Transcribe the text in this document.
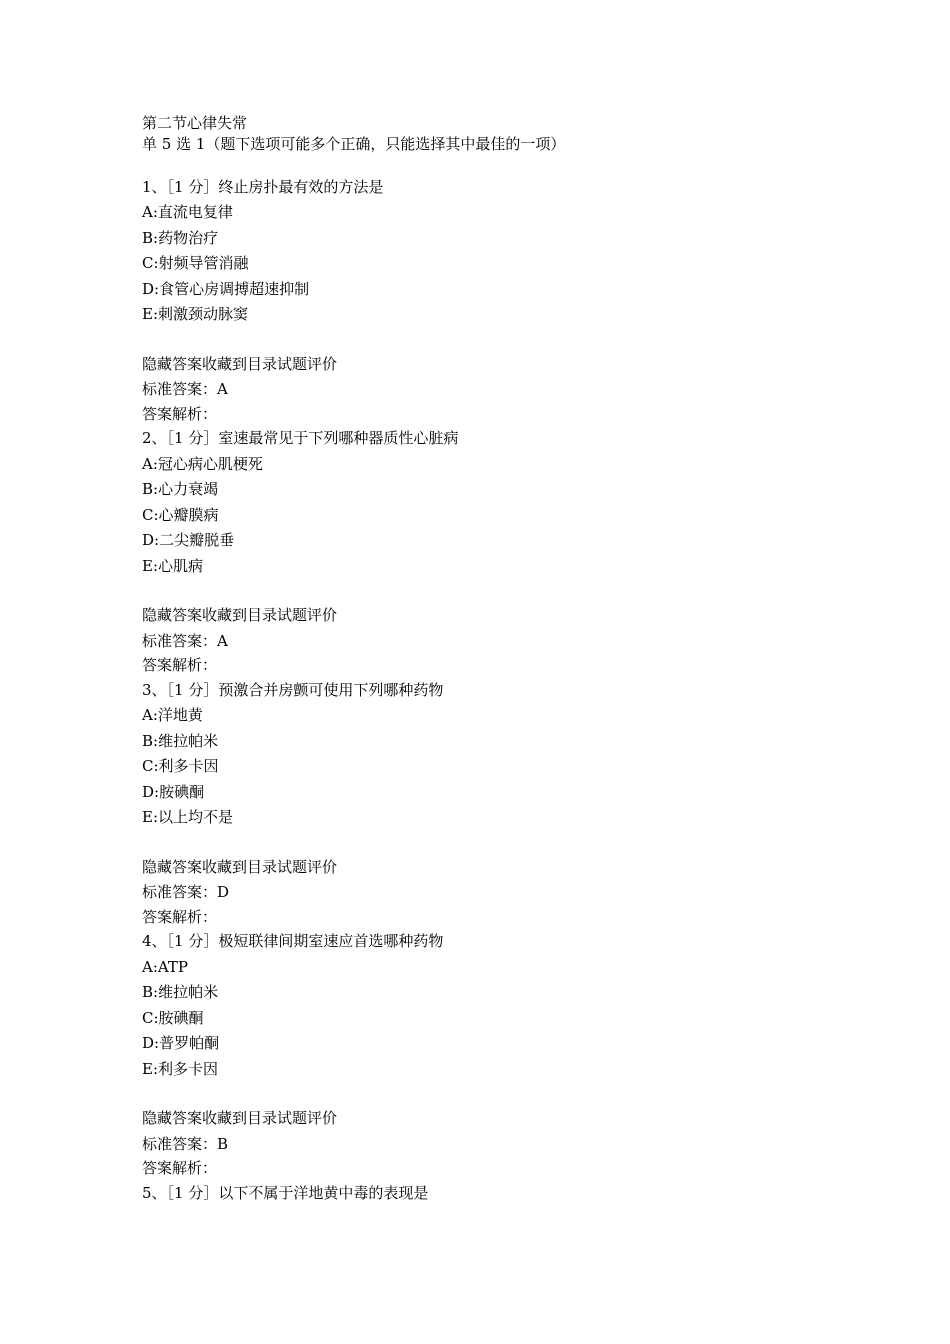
第二节心律失常

单 5 选 1（题下选项可能多个正确，只能选择其中最佳的一项）

1、［1 分］ 终止房扑最有效的方法是

A:直流电复律

B:药物治疗

C:射频导管消融

D:食管心房调搏超速抑制

E:刺激颈动脉窦

隐藏答案 收藏到目录 试题评价

标准答案： A

答案解析：

2、［1 分］ 室速最常见于下列哪种器质性心脏病

A:冠心病心肌梗死

B:心力衰竭

C:心瓣膜病

D:二尖瓣脱垂

E:心肌病

隐藏答案 收藏到目录 试题评价

标准答案： A

答案解析：

3、［1 分］ 预激合并房颤可使用下列哪种药物

A:洋地黄

B:维拉帕米

C:利多卡因

D:胺碘酮

E:以上均不是

隐藏答案 收藏到目录 试题评价

标准答案： D

答案解析：

4、［1 分］ 极短联律间期室速应首选哪种药物

A:ATP

B:维拉帕米

C:胺碘酮

D:普罗帕酮

E:利多卡因

隐藏答案 收藏到目录 试题评价

标准答案： B

答案解析：

5、［1 分］ 以下不属于洋地黄中毒的表现是
